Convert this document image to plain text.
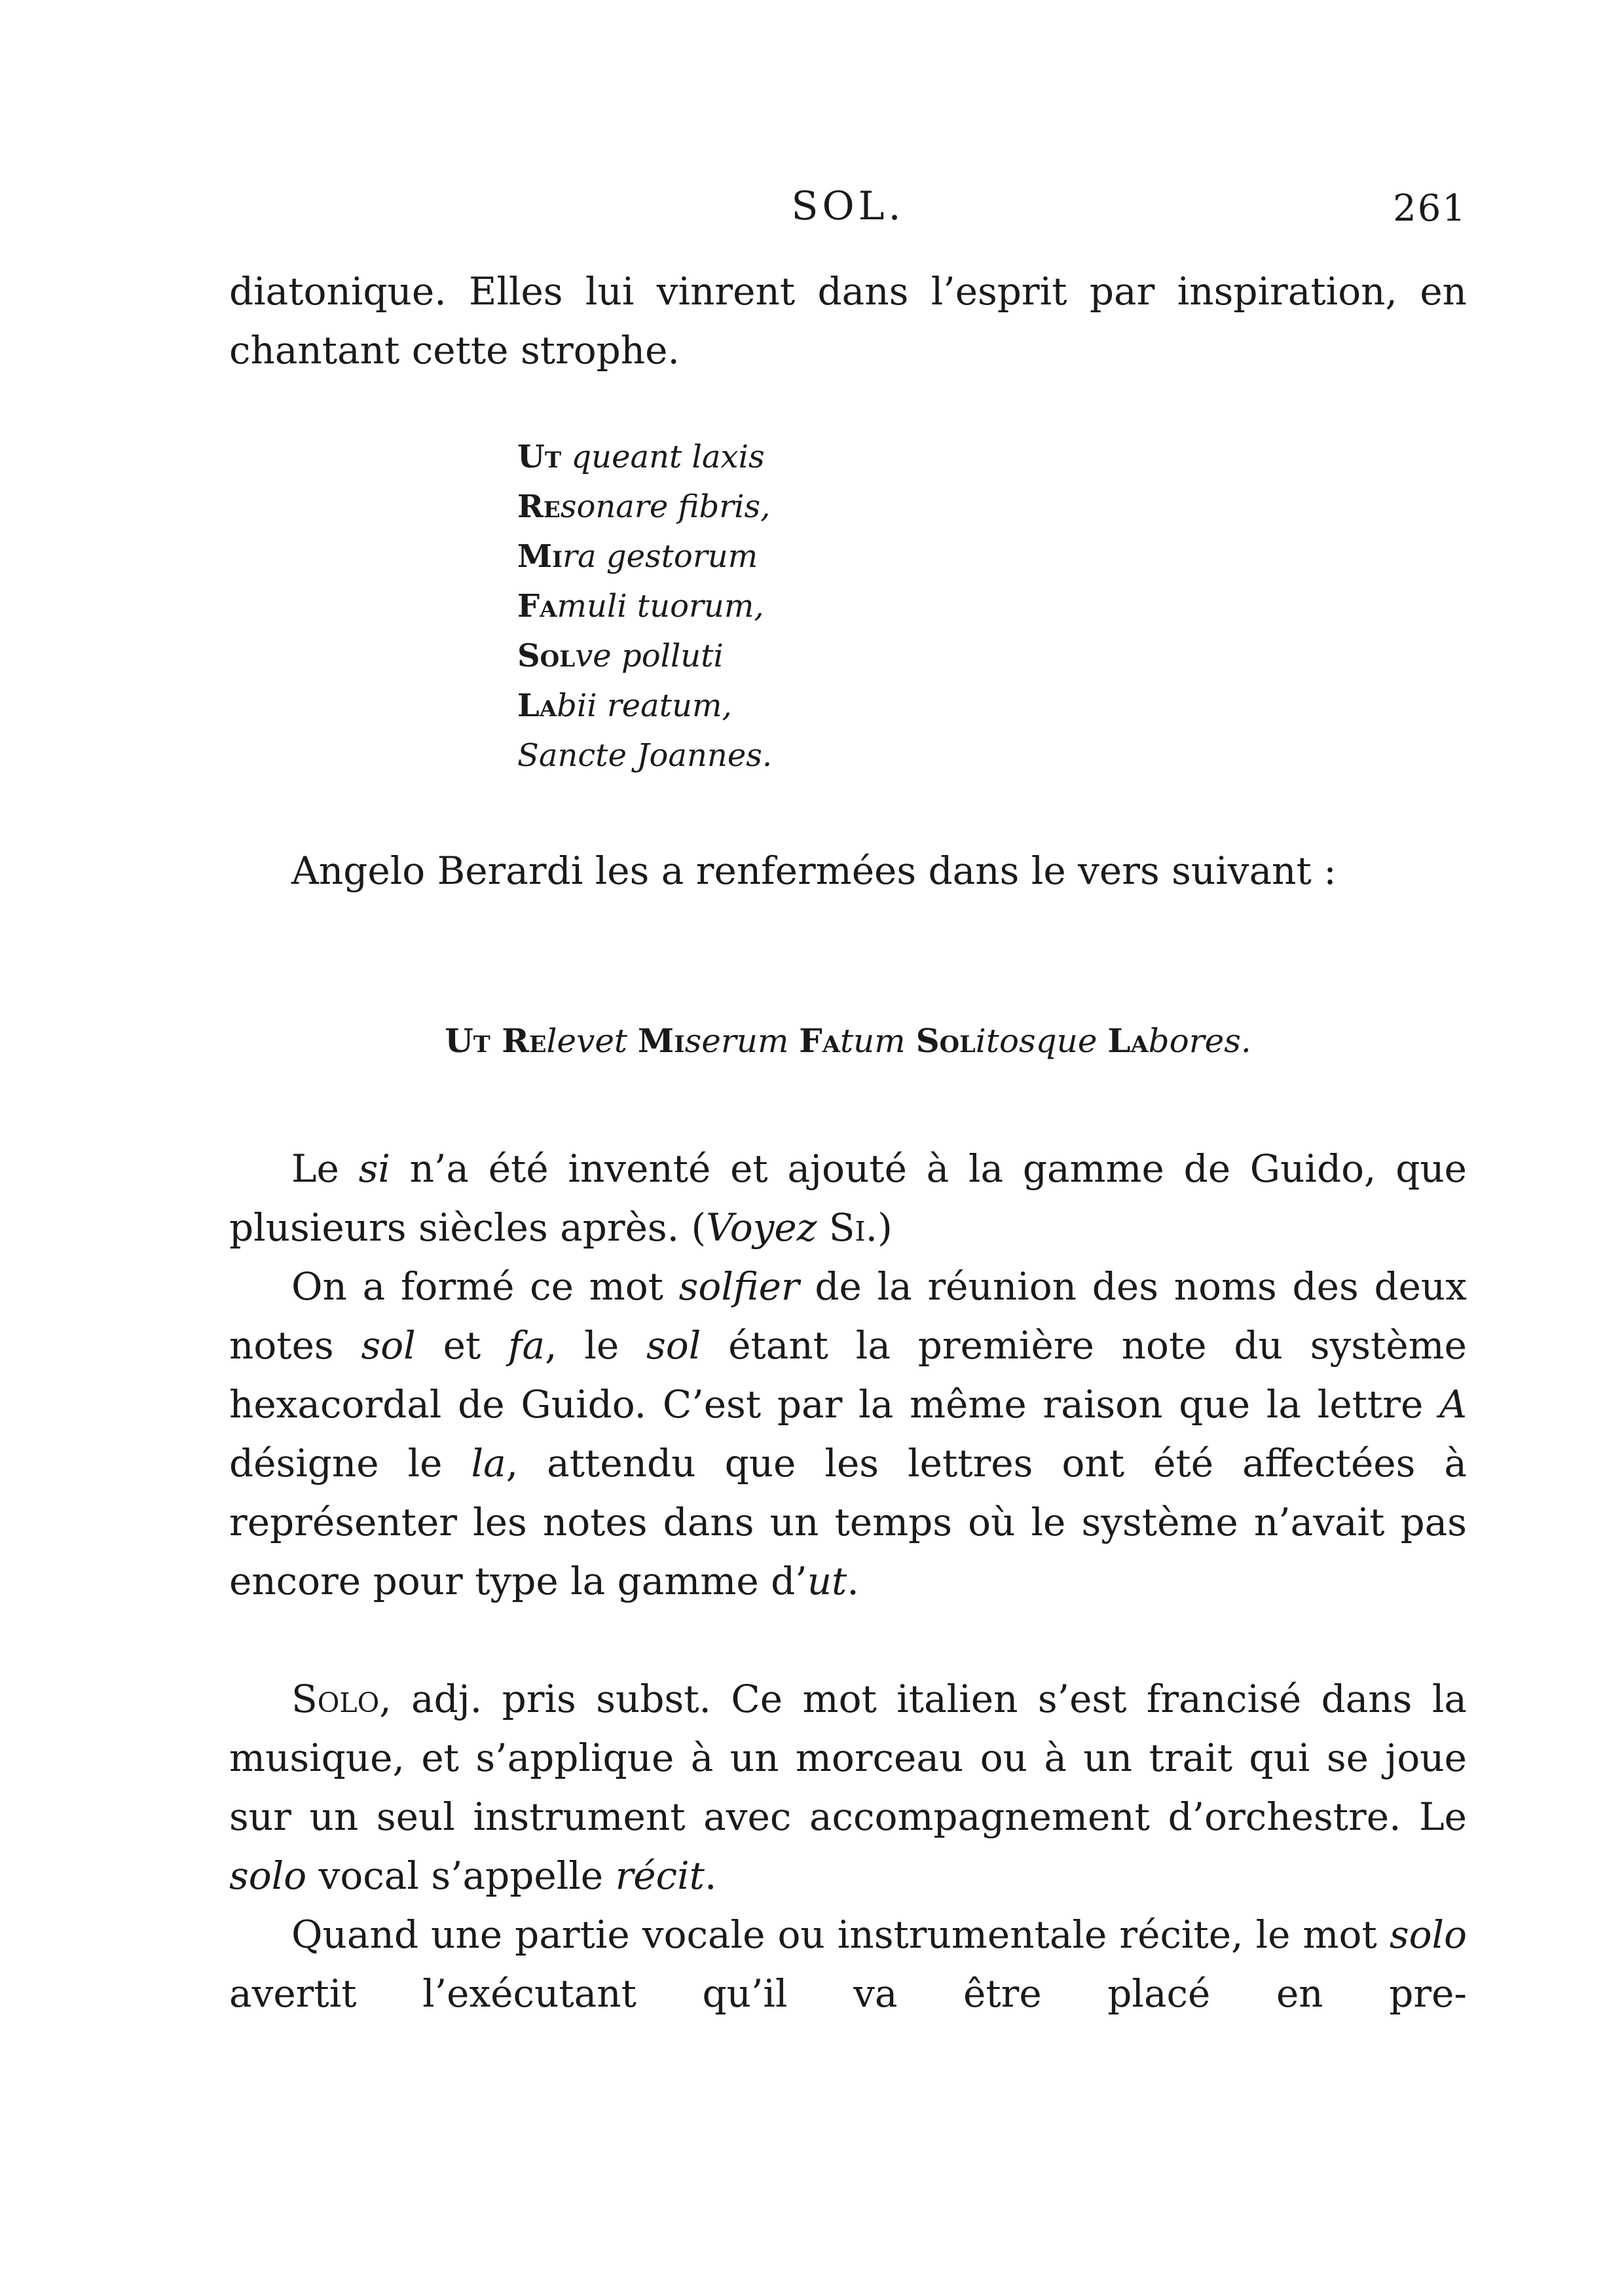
SOL.	261
diatonique. Elles lui vinrent dans l’esprit par inspiration, en chantant cette strophe.
Ut queant laxis
Resonare fibris,
Mira gestorum
Famuli tuorum,
Solve polluti
Labii reatum,
Sancte Joannes.
Angelo Berardi les a renfermées dans le vers suivant :
Ut Relevet Miserum Fatum Solitosque Labores.
Le si n’a été inventé et ajouté à la gamme de Guido, que plusieurs siècles après. (Voyez Si.)
On a formé ce mot solfier de la réunion des noms des deux notes sol et fa, le sol étant la première note du système hexacordal de Guido. C’est par la même raison que la lettre A désigne le la, attendu que les lettres ont été affectées à représenter les notes dans un temps où le système n’avait pas encore pour type la gamme d’ut.
Solo, adj. pris subst. Ce mot italien s’est francisé dans la musique, et s’applique à un morceau ou à un trait qui se joue sur un seul instrument avec accompagnement d’orchestre. Le solo vocal s’appelle récit.
Quand une partie vocale ou instrumentale récite, le mot solo avertit l’exécutant qu’il va être placé en pre-
